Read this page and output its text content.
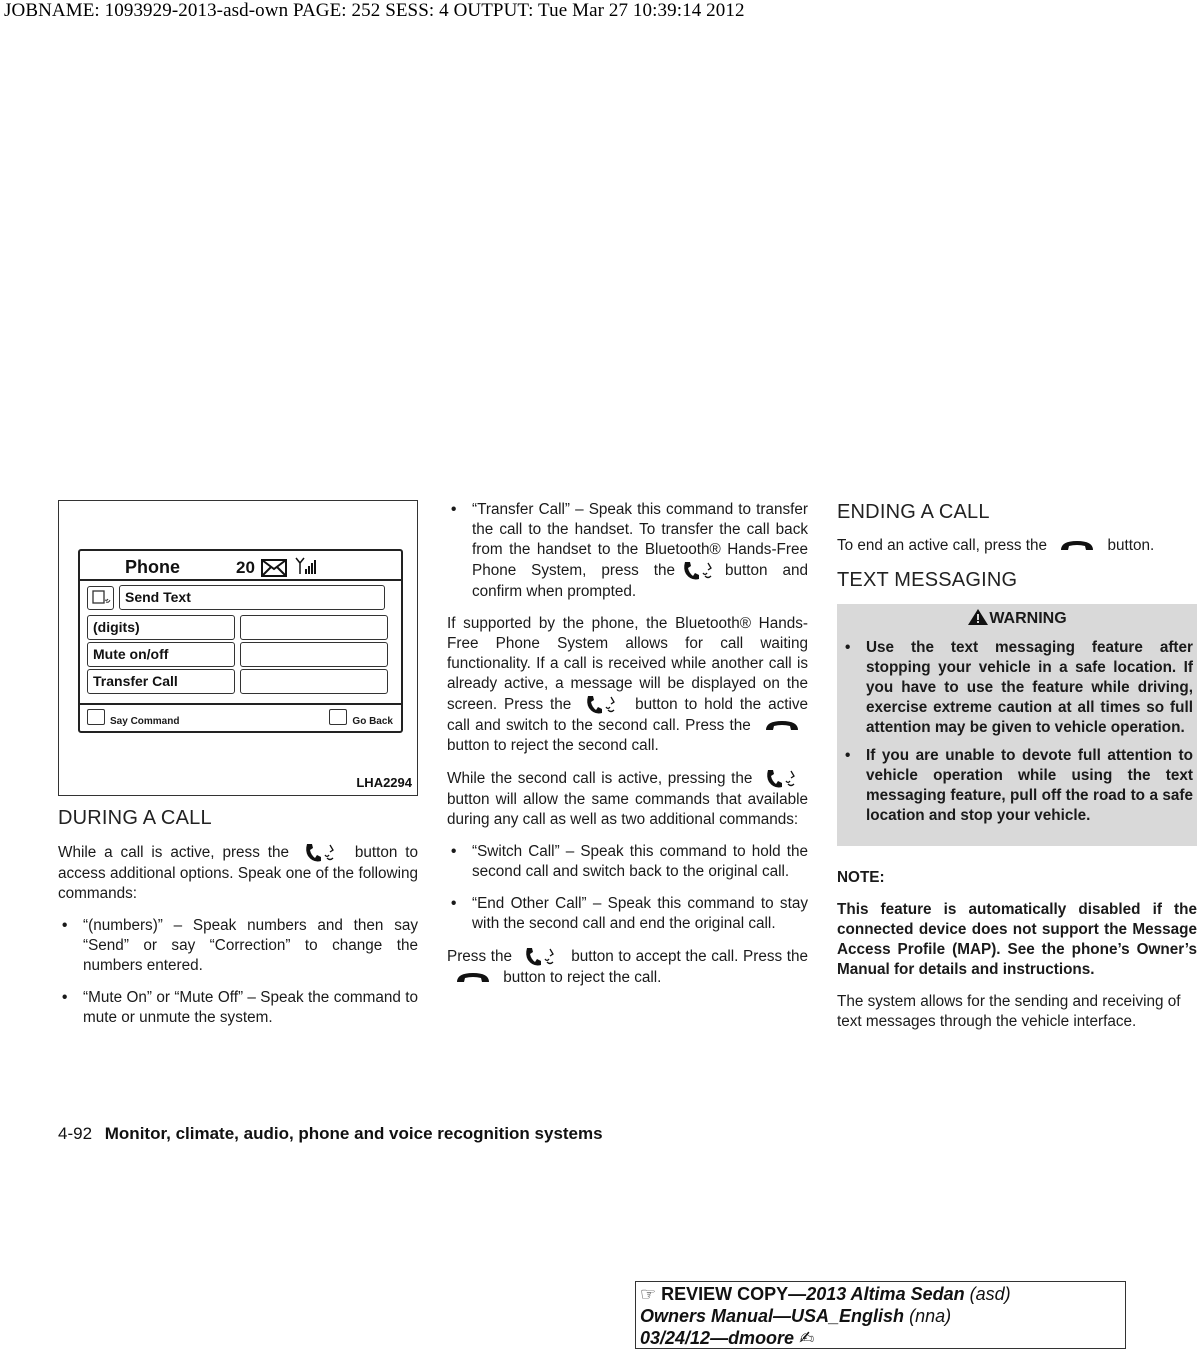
JOBNAME: 1093929-2013-asd-own PAGE: 252 SESS: 4 OUTPUT: Tue Mar 27 10:39:14 2012
Phone	20
Send Text
(digits)
Mute on/off
Transfer Call
Say Command	Go Back
LHA2294
DURING A CALL

While a call is active, press the	button to access additional options. Speak one of the following commands:

• “(numbers)” – Speak numbers and then say “Send” or say “Correction” to change the numbers entered.
• “Mute On” or “Mute Off” – Speak the command to mute or unmute the system.
• “Transfer Call” – Speak this command to transfer the call to the handset. To transfer the call back from the handset to the Bluetooth® Hands-Free Phone System, press the	button and confirm when prompted.

If supported by the phone, the Bluetooth® Hands-Free Phone System allows for call waiting functionality. If a call is received while another call is already active, a message will be displayed on the screen. Press the	button to hold the active call and switch to the second call. Press the
button to reject the second call.

While the second call is active, pressing the
button will allow the same commands that available during any call as well as two additional commands:

• “Switch Call” – Speak this command to hold the second call and switch back to the original call.
• “End Other Call” – Speak this command to stay with the second call and end the original call.

Press the	button to accept the call. Press the
button to reject the call.

ENDING A CALL

To end an active call, press the	button.

TEXT MESSAGING
WARNING
• Use the text messaging feature after stopping your vehicle in a safe location. If you have to use the feature while driving, exercise extreme caution at all times so full attention may be given to vehicle operation.
• If you are unable to devote full attention to vehicle operation while using the text messaging feature, pull off the road to a safe location and stop your vehicle.
NOTE:

This feature is automatically disabled if the connected device does not support the Message Access Profile (MAP). See the phone’s Owner’s Manual for details and instructions.

The system allows for the sending and receiving of text messages through the vehicle interface.

4-92 Monitor, climate, audio, phone and voice recognition systems
☞ REVIEW COPY—2013 Altima Sedan (asd)
Owners Manual—USA_English (nna)
03/24/12—dmoore ✍
